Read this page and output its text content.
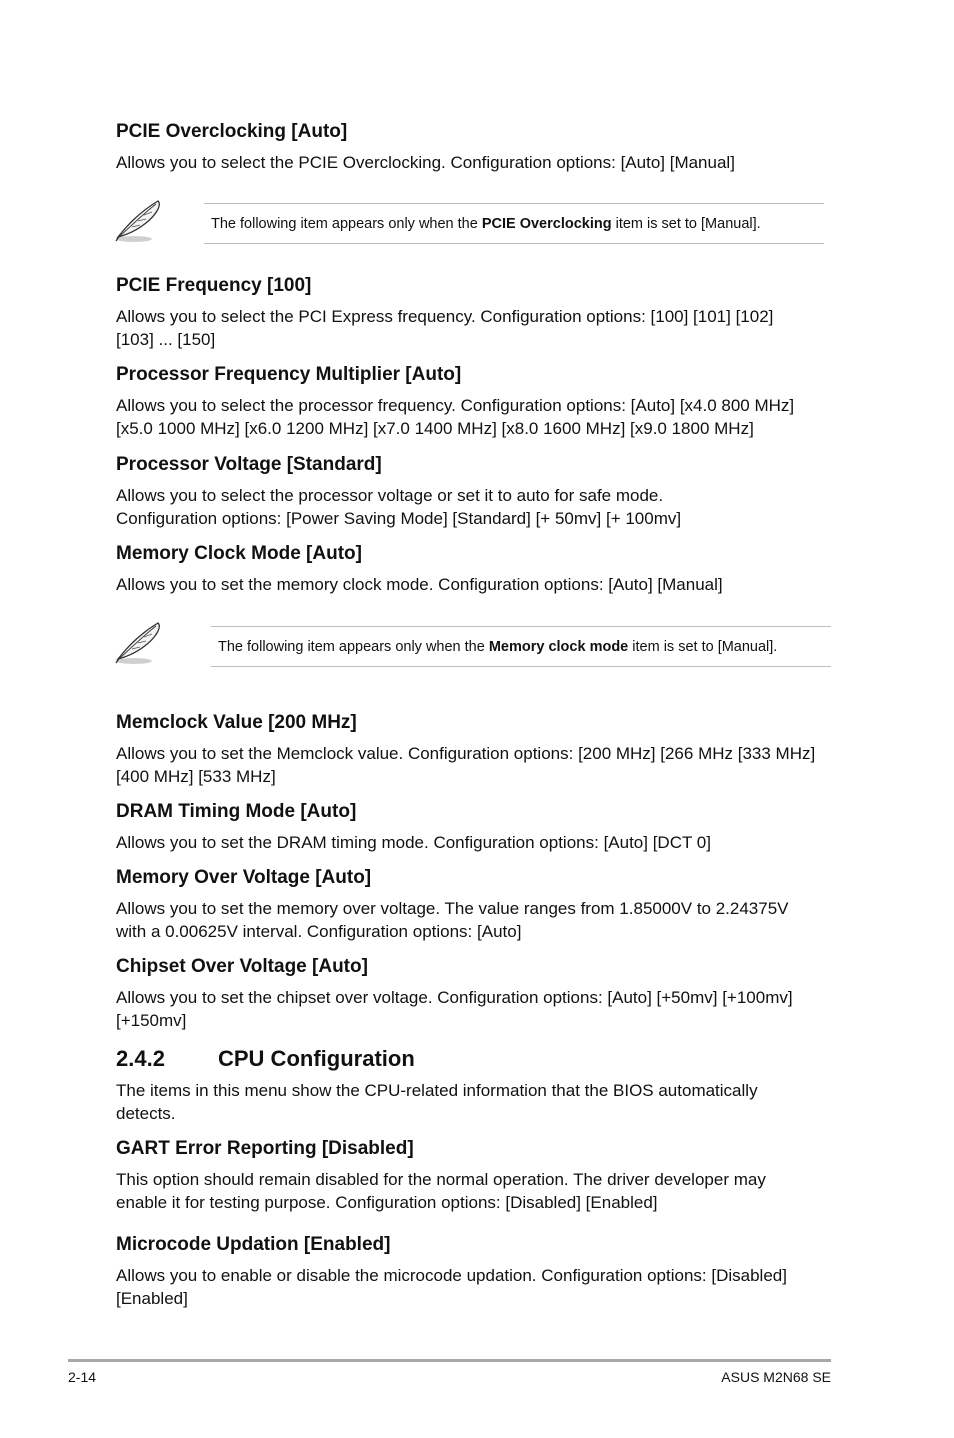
PCIE Overclocking [Auto]
Allows you to select the PCIE Overclocking. Configuration options: [Auto] [Manual]
The following item appears only when the PCIE Overclocking item is set to [Manual].
PCIE Frequency [100]
Allows you to select the PCI Express frequency. Configuration options: [100] [101] [102]
[103] ... [150]
Processor Frequency Multiplier [Auto]
Allows you to select the processor frequency. Configuration options: [Auto] [x4.0 800 MHz]
[x5.0 1000 MHz] [x6.0 1200 MHz] [x7.0 1400 MHz] [x8.0 1600 MHz] [x9.0 1800 MHz]
Processor Voltage [Standard]
Allows you to select the processor voltage or set it to auto for safe mode.
Configuration options: [Power Saving Mode] [Standard] [+ 50mv] [+ 100mv]
Memory Clock Mode [Auto]
Allows you to set the memory clock mode. Configuration options: [Auto] [Manual]
The following item appears only when the Memory clock mode item is set to [Manual].
Memclock Value [200 MHz]
Allows you to set the Memclock value. Configuration options: [200 MHz] [266 MHz [333 MHz]
[400 MHz] [533 MHz]
DRAM Timing Mode [Auto]
Allows you to set the DRAM timing mode. Configuration options: [Auto] [DCT 0]
Memory Over Voltage [Auto]
Allows you to set the memory over voltage. The value ranges from 1.85000V to 2.24375V
with a 0.00625V interval. Configuration options: [Auto]
Chipset Over Voltage [Auto]
Allows you to set the chipset over voltage. Configuration options: [Auto] [+50mv] [+100mv]
[+150mv]
2.4.2 CPU Configuration
The items in this menu show the CPU-related information that the BIOS automatically
detects.
GART Error Reporting [Disabled]
This option should remain disabled for the normal operation. The driver developer may
enable it for testing purpose. Configuration options: [Disabled] [Enabled]
Microcode Updation [Enabled]
Allows you to enable or disable the microcode updation. Configuration options: [Disabled]
[Enabled]
2-14	ASUS M2N68 SE
